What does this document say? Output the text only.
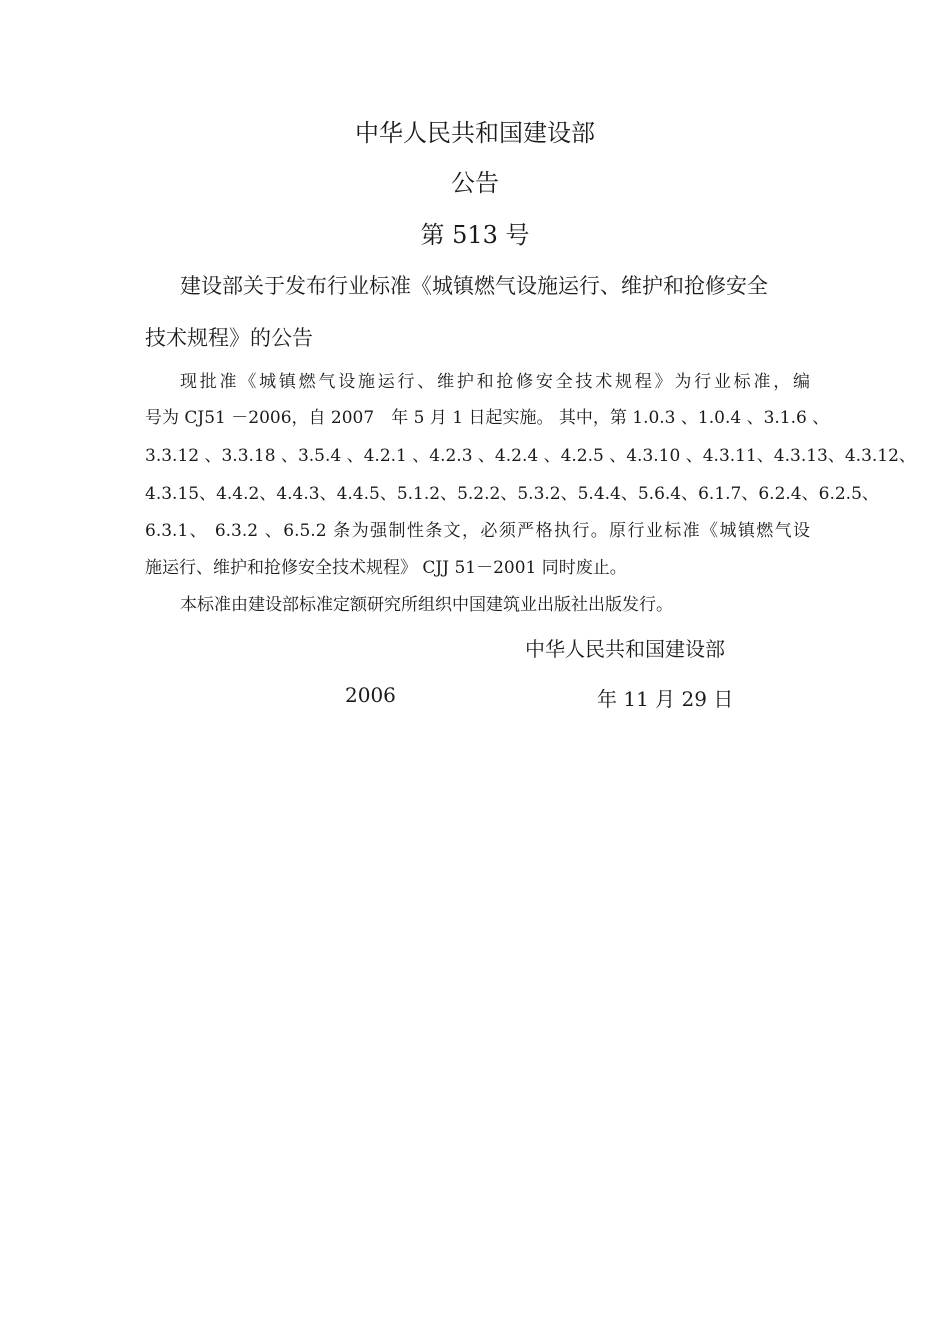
中华人民共和国建设部
公告
第 513 号
建设部关于发布行业标准《城镇燃气设施运行、维护和抢修安全
技术规程》的公告
现批准《城镇燃气设施运行、维护和抢修安全技术规程》为行业标准，编
号为 CJ51 －2006，自 2007　年 5 月 1 日起实施。 其中，第 1.0.3 、1.0.4 、3.1.6 、
3.3.12 、3.3.18 、3.5.4 、4.2.1 、4.2.3 、4.2.4 、4.2.5 、4.3.10 、4.3.11、4.3.13、4.3.12、
4.3.15、4.4.2、4.4.3、4.4.5、5.1.2、5.2.2、5.3.2、5.4.4、5.6.4、6.1.7、6.2.4、6.2.5、
6.3.1、 6.3.2 、6.5.2 条为强制性条文，必须严格执行。原行业标准《城镇燃气设
施运行、维护和抢修安全技术规程》 CJJ 51－2001 同时废止。
本标准由建设部标准定额研究所组织中国建筑业出版社出版发行。
中华人民共和国建设部
2006	年 11 月 29 日
